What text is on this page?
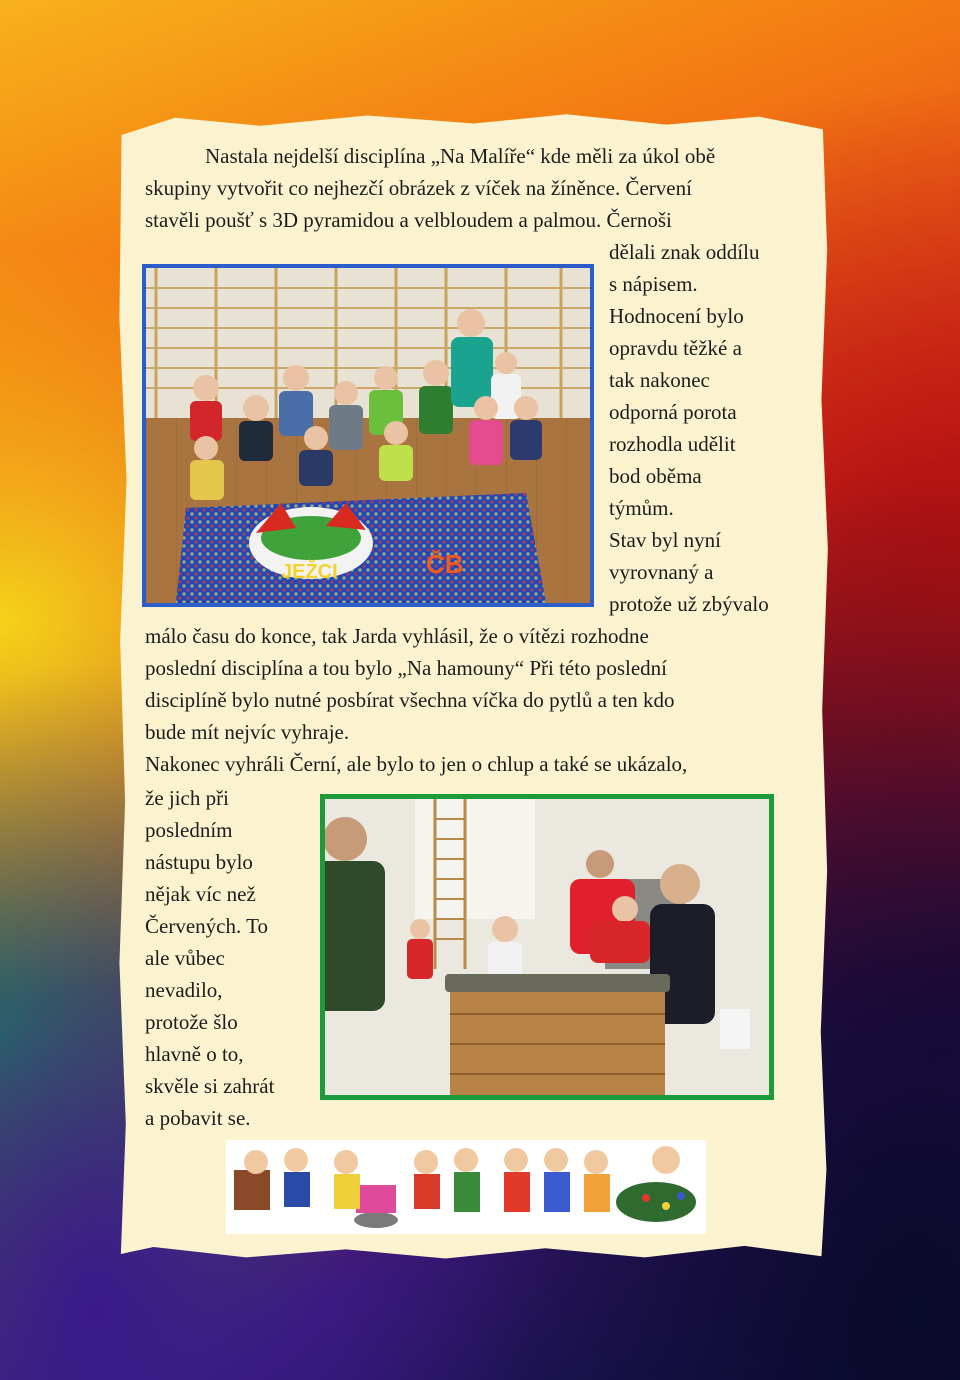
Nastala nejdelší disciplína „Na Malíře“ kde měli za úkol obě
skupiny vytvořit co nejhezčí obrázek z víček na žíněnce. Červení
stavěli poušť s 3D pyramidou a velbloudem a palmou. Černoši
JEŽCI	ČB
dělali znak oddílu
s nápisem.
Hodnocení bylo
opravdu těžké a
tak nakonec
odporná porota
rozhodla udělit
bod oběma
týmům.
Stav byl nyní
vyrovnaný a
protože už zbývalo
málo času do konce, tak Jarda vyhlásil, že o vítězi rozhodne
poslední disciplína a tou bylo „Na hamouny“ Při této poslední
disciplíně bylo nutné posbírat všechna víčka do pytlů a ten kdo
bude mít nejvíc vyhraje.
Nakonec vyhráli Černí, ale bylo to jen o chlup a také se ukázalo,
že jich při
posledním
nástupu bylo
nějak víc než
Červených. To
ale vůbec
nevadilo,
protože šlo
hlavně o to,
skvěle si zahrát
a pobavit se.
